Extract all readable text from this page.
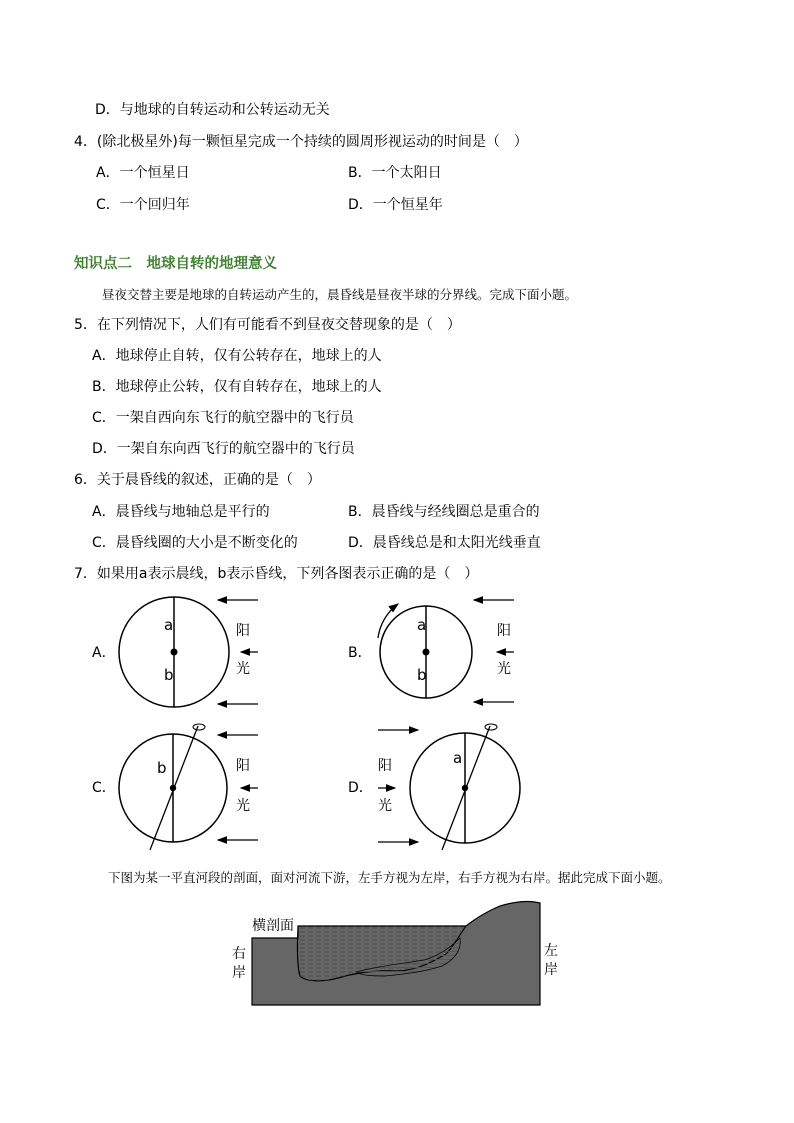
D．与地球的自转运动和公转运动无关
4．(除北极星外)每一颗恒星完成一个持续的圆周形视运动的时间是（　）
A．一个恒星日	B．一个太阳日
C．一个回归年	D．一个恒星年
知识点二　地球自转的地理意义
昼夜交替主要是地球的自转运动产生的，晨昏线是昼夜半球的分界线。完成下面小题。
5．在下列情况下，人们有可能看不到昼夜交替现象的是（　）
A．地球停止自转，仅有公转存在，地球上的人
B．地球停止公转，仅有自转存在，地球上的人
C．一架自西向东飞行的航空器中的飞行员
D．一架自东向西飞行的航空器中的飞行员
6．关于晨昏线的叙述，正确的是（　）
A．晨昏线与地轴总是平行的	B．晨昏线与经线圈总是重合的
C．晨昏线圈的大小是不断变化的	D．晨昏线总是和太阳光线垂直
7．如果用a表示晨线，b表示昏线，下列各图表示正确的是（　）
A．
a
b
阳
光
B．
a
b
阳
光
C．
b	阳
光
D．
阳
光
a
下图为某一平直河段的剖面，面对河流下游，左手方视为左岸，右手方视为右岸。据此完成下面小题。
横剖面
右
岸
左
岸
